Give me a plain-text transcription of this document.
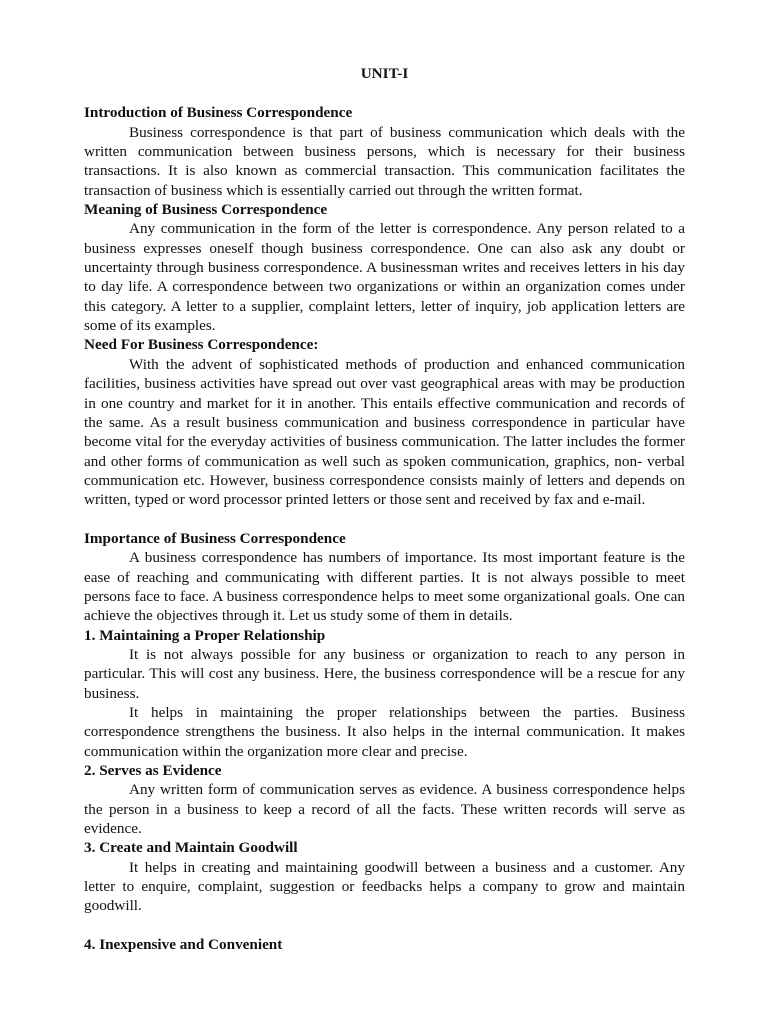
UNIT-I
Introduction of Business Correspondence

Business correspondence is that part of business communication which deals with the written communication between business persons, which is necessary for their business transactions. It is also known as commercial transaction. This communication facilitates the transaction of business which is essentially carried out through the written format.

Meaning of Business Correspondence

Any communication in the form of the letter is correspondence. Any person related to a business expresses oneself though business correspondence. One can also ask any doubt or uncertainty through business correspondence. A businessman writes and receives letters in his day to day life. A correspondence between two organizations or within an organization comes under this category. A letter to a supplier, complaint letters, letter of inquiry, job application letters are some of its examples.

Need For Business Correspondence:

With the advent of sophisticated methods of production and enhanced communication facilities, business activities have spread out over vast geographical areas with may be production in one country and market for it in another. This entails effective communication and records of the same. As a result business communication and business correspondence in particular have become vital for the everyday activities of business communication. The latter includes the former and other forms of communication as well such as spoken communication, graphics, non- verbal communication etc. However, business correspondence consists mainly of letters and depends on written, typed or word processor printed letters or those sent and received by fax and e-mail.

Importance of Business Correspondence

A business correspondence has numbers of importance. Its most important feature is the ease of reaching and communicating with different parties. It is not always possible to meet persons face to face. A business correspondence helps to meet some organizational goals. One can achieve the objectives through it. Let us study some of them in details.

1. Maintaining a Proper Relationship

It is not always possible for any business or organization to reach to any person in particular. This will cost any business. Here, the business correspondence will be a rescue for any business.

It helps in maintaining the proper relationships between the parties. Business correspondence strengthens the business. It also helps in the internal communication. It makes communication within the organization more clear and precise.

2. Serves as Evidence

Any written form of communication serves as evidence. A business correspondence helps the person in a business to keep a record of all the facts. These written records will serve as evidence.

3. Create and Maintain Goodwill

It helps in creating and maintaining goodwill between a business and a customer. Any letter to enquire, complaint, suggestion or feedbacks helps a company to grow and maintain goodwill.

4. Inexpensive and Convenient
